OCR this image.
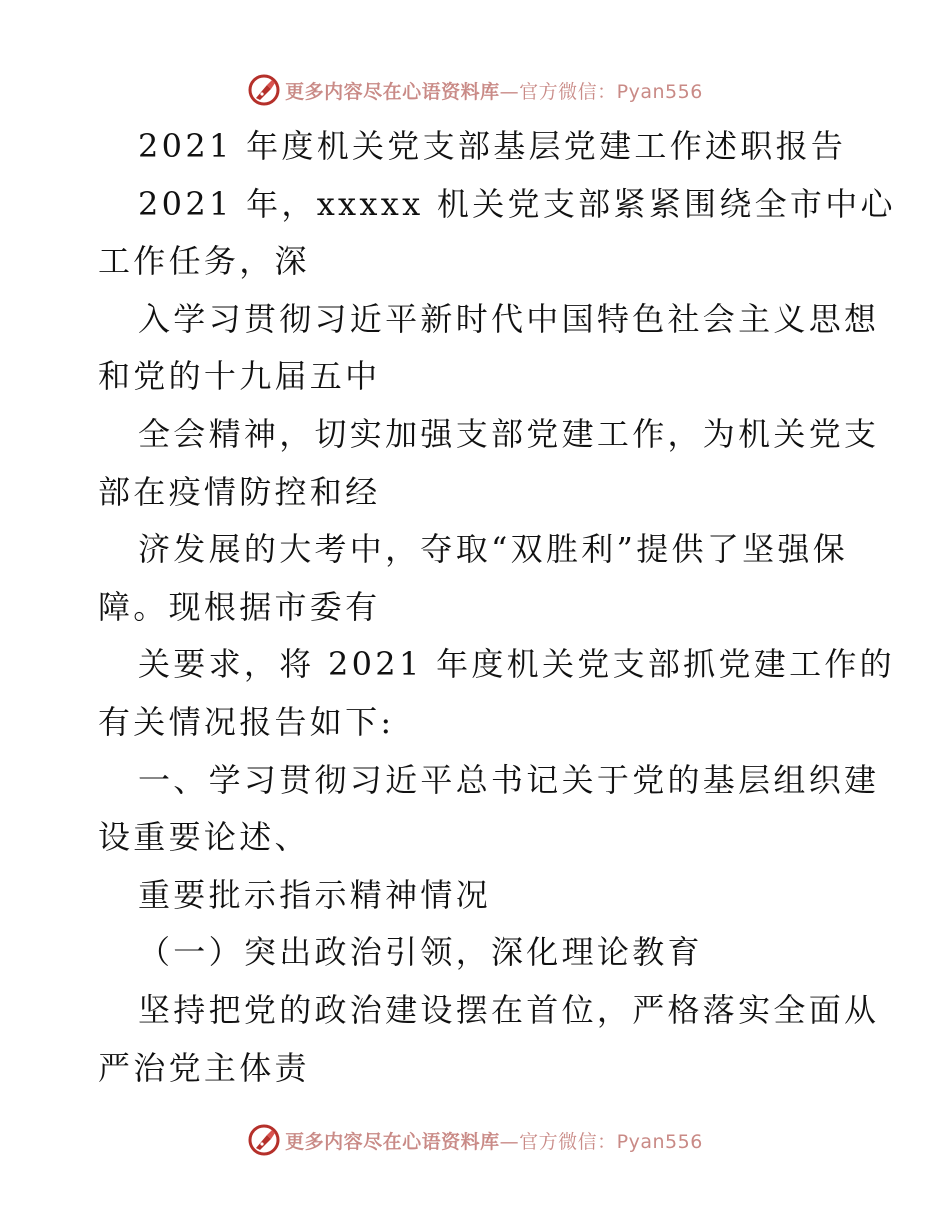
更多内容尽在心语资料库—官方微信：Pyan556
2021 年度机关党支部基层党建工作述职报告
2021 年，xxxxx 机关党支部紧紧围绕全市中心
工作任务，深
入学习贯彻习近平新时代中国特色社会主义思想
和党的十九届五中
全会精神，切实加强支部党建工作，为机关党支
部在疫情防控和经
济发展的大考中，夺取“双胜利”提供了坚强保
障。现根据市委有
关要求，将 2021 年度机关党支部抓党建工作的
有关情况报告如下:
一、学习贯彻习近平总书记关于党的基层组织建
设重要论述、
重要批示指示精神情况
（一）突出政治引领，深化理论教育
坚持把党的政治建设摆在首位，严格落实全面从
严治党主体责
更多内容尽在心语资料库—官方微信：Pyan556
